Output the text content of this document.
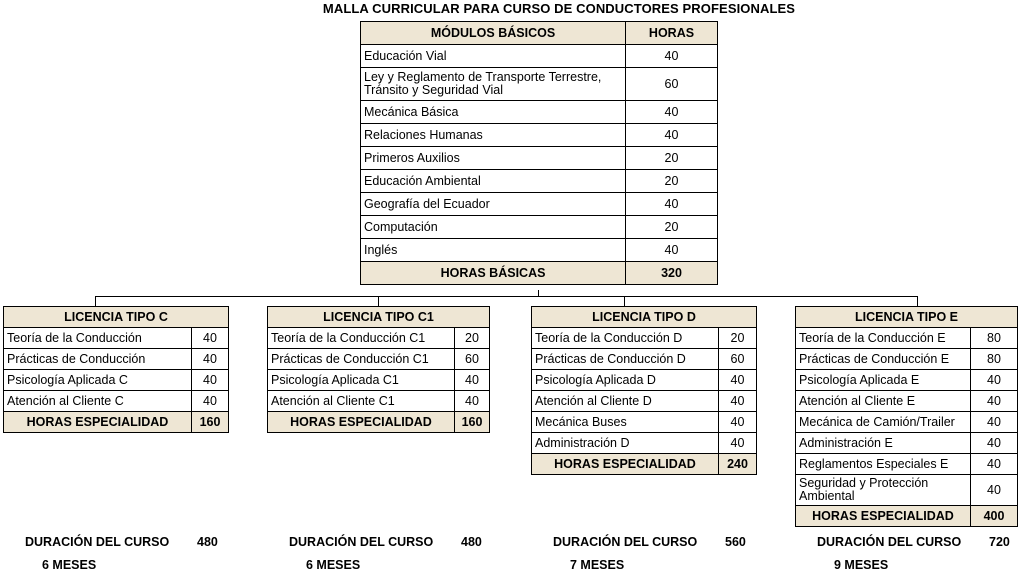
MALLA CURRICULAR PARA CURSO DE CONDUCTORES PROFESIONALES
MÓDULOS BÁSICOS	HORAS
Educación Vial	40
Ley y Reglamento de Transporte Terrestre, Tránsito y Seguridad Vial	60
Mecánica Básica	40
Relaciones Humanas	40
Primeros Auxilios	20
Educación Ambiental	20
Geografía del Ecuador	40
Computación	20
Inglés	40
HORAS BÁSICAS	320
LICENCIA TIPO C	
Teoría de la Conducción	40
Prácticas de Conducción	40
Psicología Aplicada C	40
Atención al Cliente C	40
HORAS ESPECIALIDAD	160
DURACIÓN DEL CURSO 480
6 MESES
LICENCIA TIPO C1	
Teoría de la Conducción C1	20
Prácticas de Conducción C1	60
Psicología Aplicada C1	40
Atención al Cliente C1	40
HORAS ESPECIALIDAD	160
DURACIÓN DEL CURSO 480
6 MESES
LICENCIA TIPO D	
Teoría de la Conducción D	20
Prácticas de Conducción D	60
Psicología Aplicada D	40
Atención al Cliente D	40
Mecánica Buses	40
Administración D	40
HORAS ESPECIALIDAD	240
DURACIÓN DEL CURSO 560
7 MESES
LICENCIA TIPO E	
Teoría de la Conducción E	80
Prácticas de Conducción E	80
Psicología Aplicada E	40
Atención al Cliente E	40
Mecánica de Camión/Trailer	40
Administración E	40
Reglamentos Especiales E	40
Seguridad y Protección Ambiental	40
HORAS ESPECIALIDAD	400
DURACIÓN DEL CURSO 720
9 MESES
